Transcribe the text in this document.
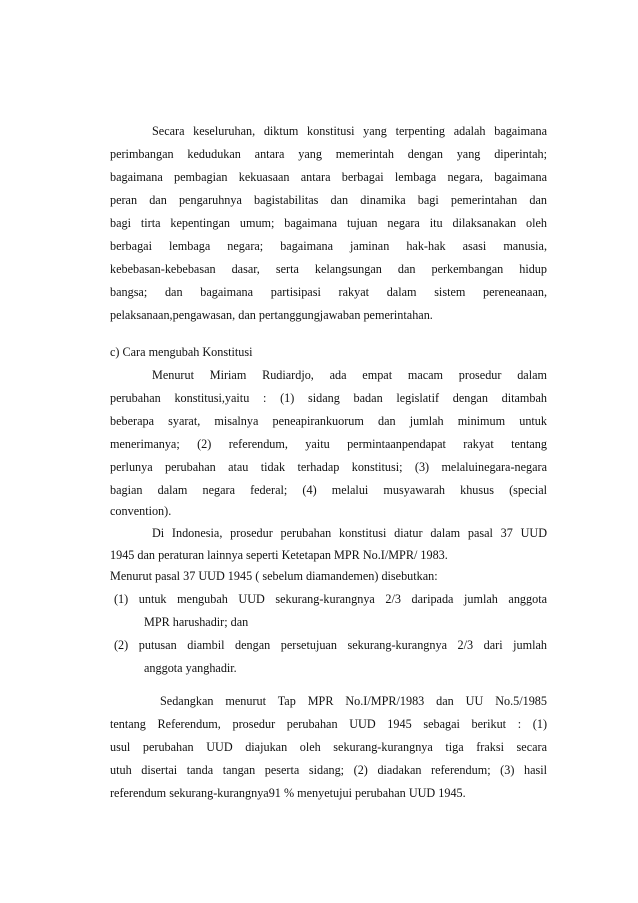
Secara keseluruhan, diktum konstitusi yang terpenting adalah bagaimana
perimbangan kedudukan antara yang memerintah dengan yang diperintah;
bagaimana pembagian kekuasaan antara berbagai lembaga negara, bagaimana
peran dan pengaruhnya bagistabilitas dan dinamika bagi pemerintahan dan
bagi tirta kepentingan umum; bagaimana tujuan negara itu dilaksanakan oleh
berbagai lembaga negara; bagaimana jaminan hak-hak asasi manusia,
kebebasan-kebebasan dasar, serta kelangsungan dan perkembangan hidup
bangsa; dan bagaimana partisipasi rakyat dalam sistem pereneanaan,
pelaksanaan,pengawasan, dan pertanggungjawaban pemerintahan.
c) Cara mengubah Konstitusi
Menurut Miriam Rudiardjo, ada empat macam prosedur dalam
perubahan konstitusi,yaitu : (1) sidang badan legislatif dengan ditambah
beberapa syarat, misalnya peneapirankuorum dan jumlah minimum untuk
menerimanya; (2) referendum, yaitu permintaanpendapat rakyat tentang
perlunya perubahan atau tidak terhadap konstitusi; (3) melaluinegara-negara
bagian dalam negara federal; (4) melalui musyawarah khusus (special
convention).
Di Indonesia, prosedur perubahan konstitusi diatur dalam pasal 37 UUD
1945 dan peraturan lainnya seperti Ketetapan MPR No.I/MPR/ 1983.
Menurut pasal 37 UUD 1945 ( sebelum diamandemen) disebutkan:
(1) untuk mengubah UUD sekurang-kurangnya 2/3 daripada jumlah anggota
MPR harushadir; dan
(2) putusan diambil dengan persetujuan sekurang-kurangnya 2/3 dari jumlah
anggota yanghadir.
Sedangkan menurut Tap MPR No.I/MPR/1983 dan UU No.5/1985
tentang Referendum, prosedur perubahan UUD 1945 sebagai berikut : (1)
usul perubahan UUD diajukan oleh sekurang-kurangnya tiga fraksi secara
utuh disertai tanda tangan peserta sidang; (2) diadakan referendum; (3) hasil
referendum sekurang-kurangnya91 % menyetujui perubahan UUD 1945.
